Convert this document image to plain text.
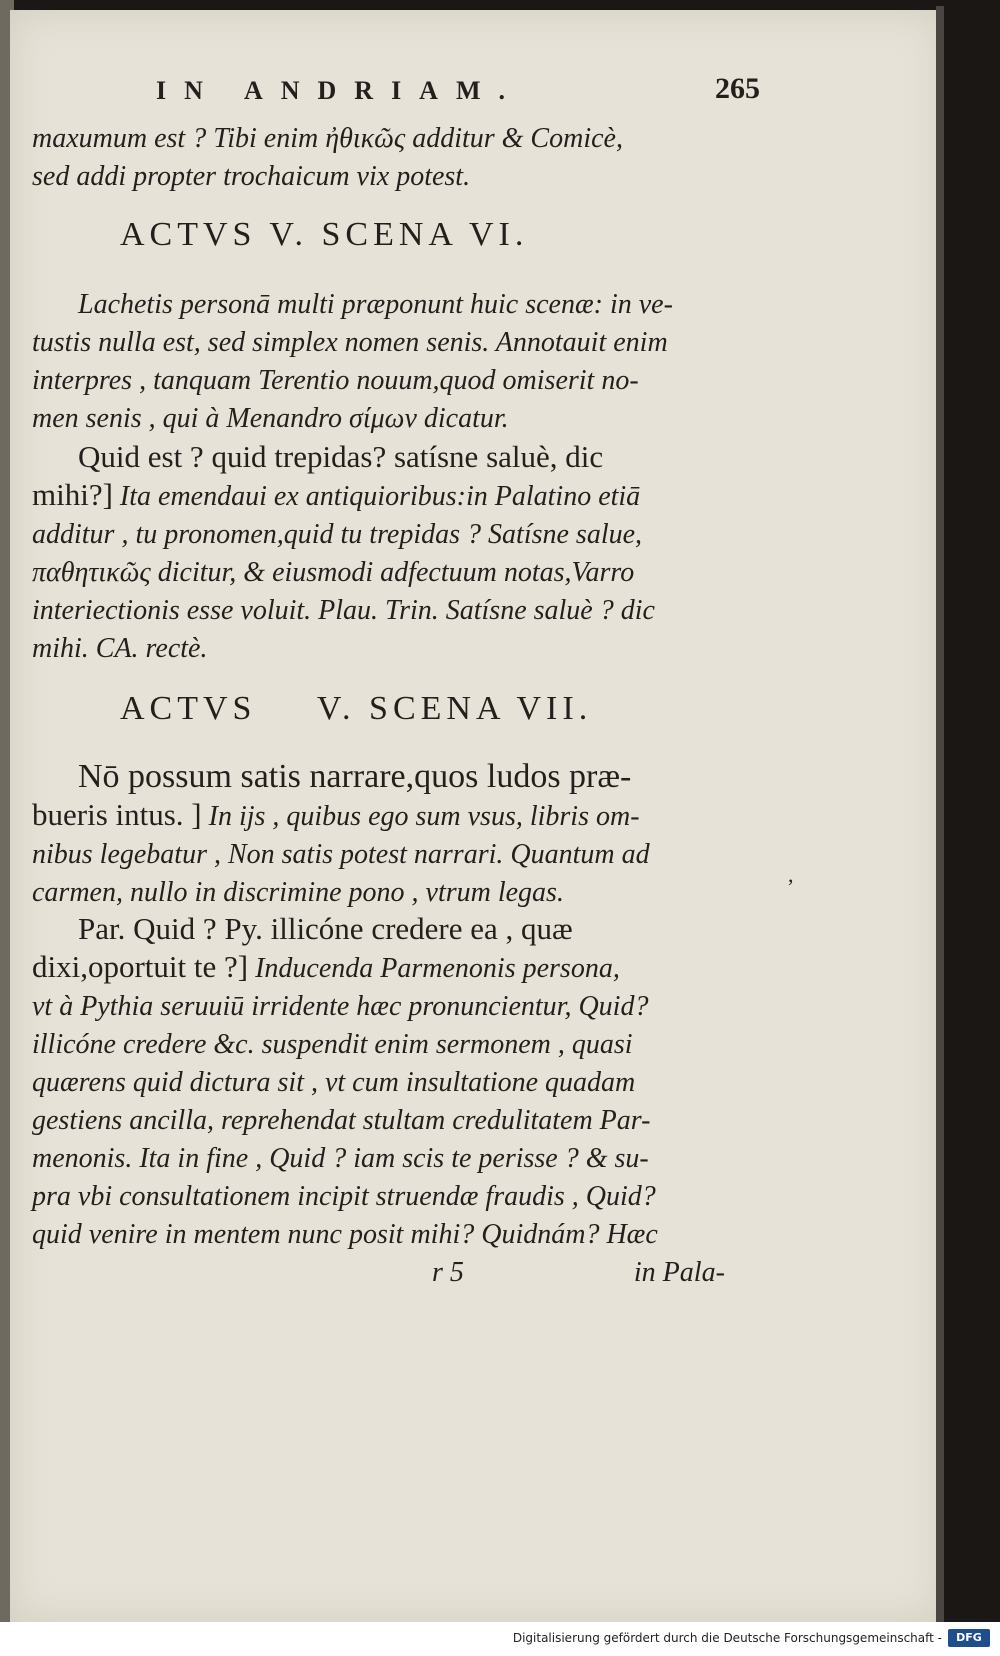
IN ANDRIAM.	265
maxumum est ? Tibi enim ἠθικῶς additur & Comicè,
sed addi propter trochaicum vix potest.
ACTVS V. SCENA VI.
Lachetis personā multi præponunt huic scenæ: in ve-
tustis nulla est, sed simplex nomen senis. Annotauit enim
interpres , tanquam Terentio nouum,quod omiserit no-
men senis , qui à Menandro σίμων dicatur.
Quid est ? quid trepidas? satísne saluè, dic
mihi?] Ita emendaui ex antiquioribus:in Palatino etiā
additur , tu pronomen,quid tu trepidas ? Satísne salue,
παθητικῶς dicitur, & eiusmodi adfectuum notas,Varro
interiectionis esse voluit. Plau. Trin. Satísne saluè ? dic
mihi. CA. rectè.
ACTVS V. SCENA VII.
Nō possum satis narrare,quos ludos præ-
bueris intus. ] In ijs , quibus ego sum vsus, libris om-
nibus legebatur , Non satis potest narrari. Quantum ad
carmen, nullo in discrimine pono , vtrum legas.
Par. Quid ? Py. illicóne credere ea , quæ
dixi,oportuit te ?] Inducenda Parmenonis persona,
vt à Pythia seruuiū irridente hæc pronuncientur, Quid?
illicóne credere &c. suspendit enim sermonem , quasi
quærens quid dictura sit , vt cum insultatione quadam
gestiens ancilla, reprehendat stultam credulitatem Par-
menonis. Ita in fine , Quid ? iam scis te perisse ? & su-
pra vbi consultationem incipit struendæ fraudis , Quid?
quid venire in mentem nunc posit mihi? Quidnám? Hæc
r 5	in Pala-
,
Digitalisierung gefördert durch die Deutsche Forschungsgemeinschaft -	DFG
